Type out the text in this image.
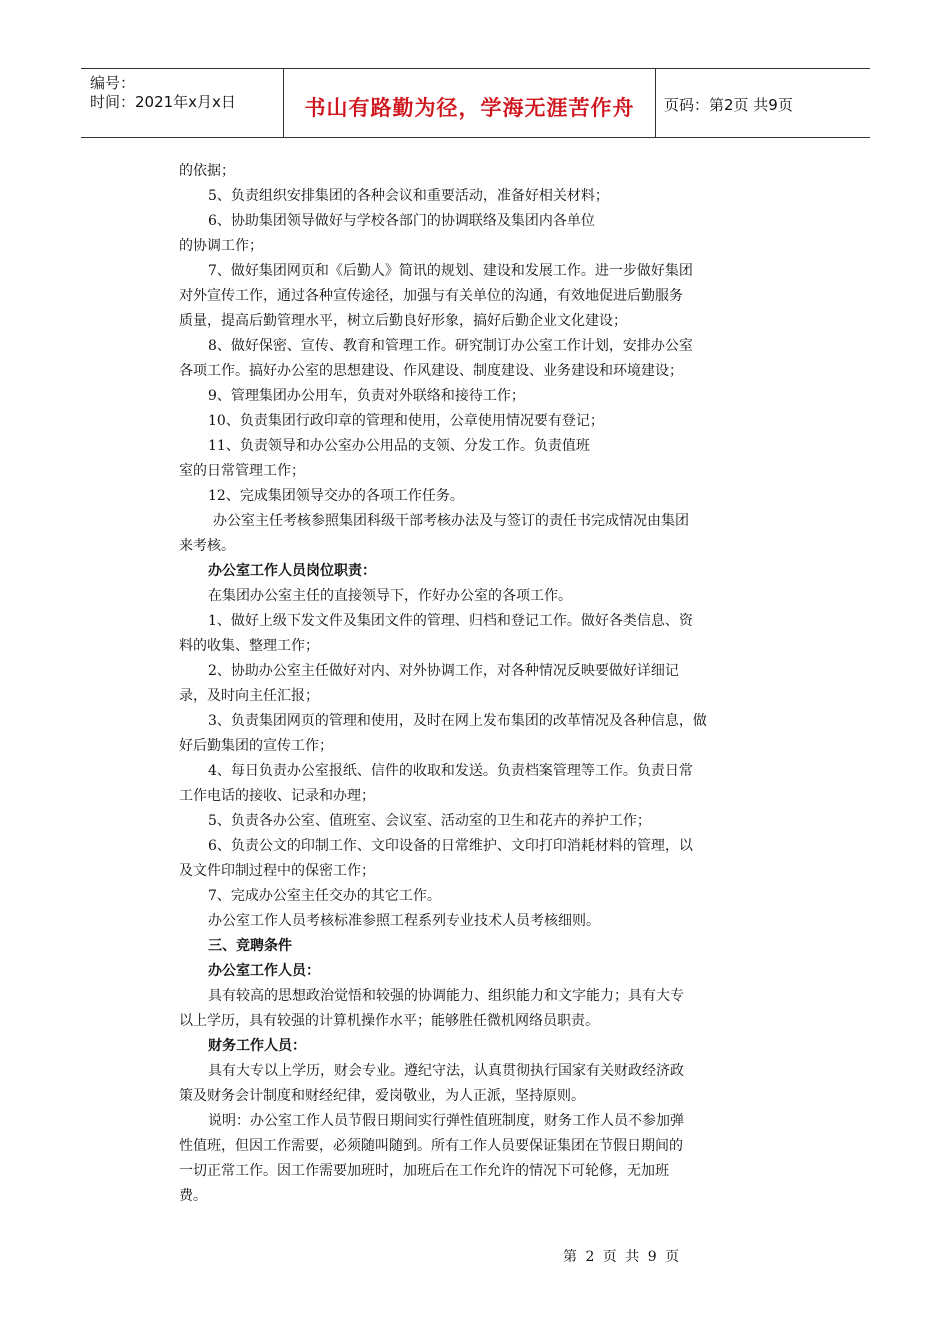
编号：
时间：2021年x月x日	书山有路勤为径，学海无涯苦作舟	页码：第2页 共9页
的依据；
5、负责组织安排集团的各种会议和重要活动，准备好相关材料；
6、协助集团领导做好与学校各部门的协调联络及集团内各单位
的协调工作；
7、做好集团网页和《后勤人》简讯的规划、建设和发展工作。进一步做好集团
对外宣传工作，通过各种宣传途径，加强与有关单位的沟通，有效地促进后勤服务
质量，提高后勤管理水平，树立后勤良好形象，搞好后勤企业文化建设；
8、做好保密、宣传、教育和管理工作。研究制订办公室工作计划，安排办公室
各项工作。搞好办公室的思想建设、作风建设、制度建设、业务建设和环境建设；
9、管理集团办公用车，负责对外联络和接待工作；
10、负责集团行政印章的管理和使用，公章使用情况要有登记；
11、负责领导和办公室办公用品的支领、分发工作。负责值班
室的日常管理工作；
12、完成集团领导交办的各项工作任务。
办公室主任考核参照集团科级干部考核办法及与签订的责任书完成情况由集团
来考核。
办公室工作人员岗位职责：
在集团办公室主任的直接领导下，作好办公室的各项工作。
1、做好上级下发文件及集团文件的管理、归档和登记工作。做好各类信息、资
料的收集、整理工作；
2、协助办公室主任做好对内、对外协调工作，对各种情况反映要做好详细记
录，及时向主任汇报；
3、负责集团网页的管理和使用，及时在网上发布集团的改革情况及各种信息，做
好后勤集团的宣传工作；
4、每日负责办公室报纸、信件的收取和发送。负责档案管理等工作。负责日常
工作电话的接收、记录和办理；
5、负责各办公室、值班室、会议室、活动室的卫生和花卉的养护工作；
6、负责公文的印制工作、文印设备的日常维护、文印打印消耗材料的管理，以
及文件印制过程中的保密工作；
7、完成办公室主任交办的其它工作。
办公室工作人员考核标准参照工程系列专业技术人员考核细则。
三、竞聘条件
办公室工作人员：
具有较高的思想政治觉悟和较强的协调能力、组织能力和文字能力；具有大专
以上学历，具有较强的计算机操作水平；能够胜任微机网络员职责。
财务工作人员：
具有大专以上学历，财会专业。遵纪守法，认真贯彻执行国家有关财政经济政
策及财务会计制度和财经纪律，爱岗敬业，为人正派，坚持原则。
说明：办公室工作人员节假日期间实行弹性值班制度，财务工作人员不参加弹
性值班，但因工作需要，必须随叫随到。所有工作人员要保证集团在节假日期间的
一切正常工作。因工作需要加班时，加班后在工作允许的情况下可轮修，无加班
费。
第 2 页 共 9 页
